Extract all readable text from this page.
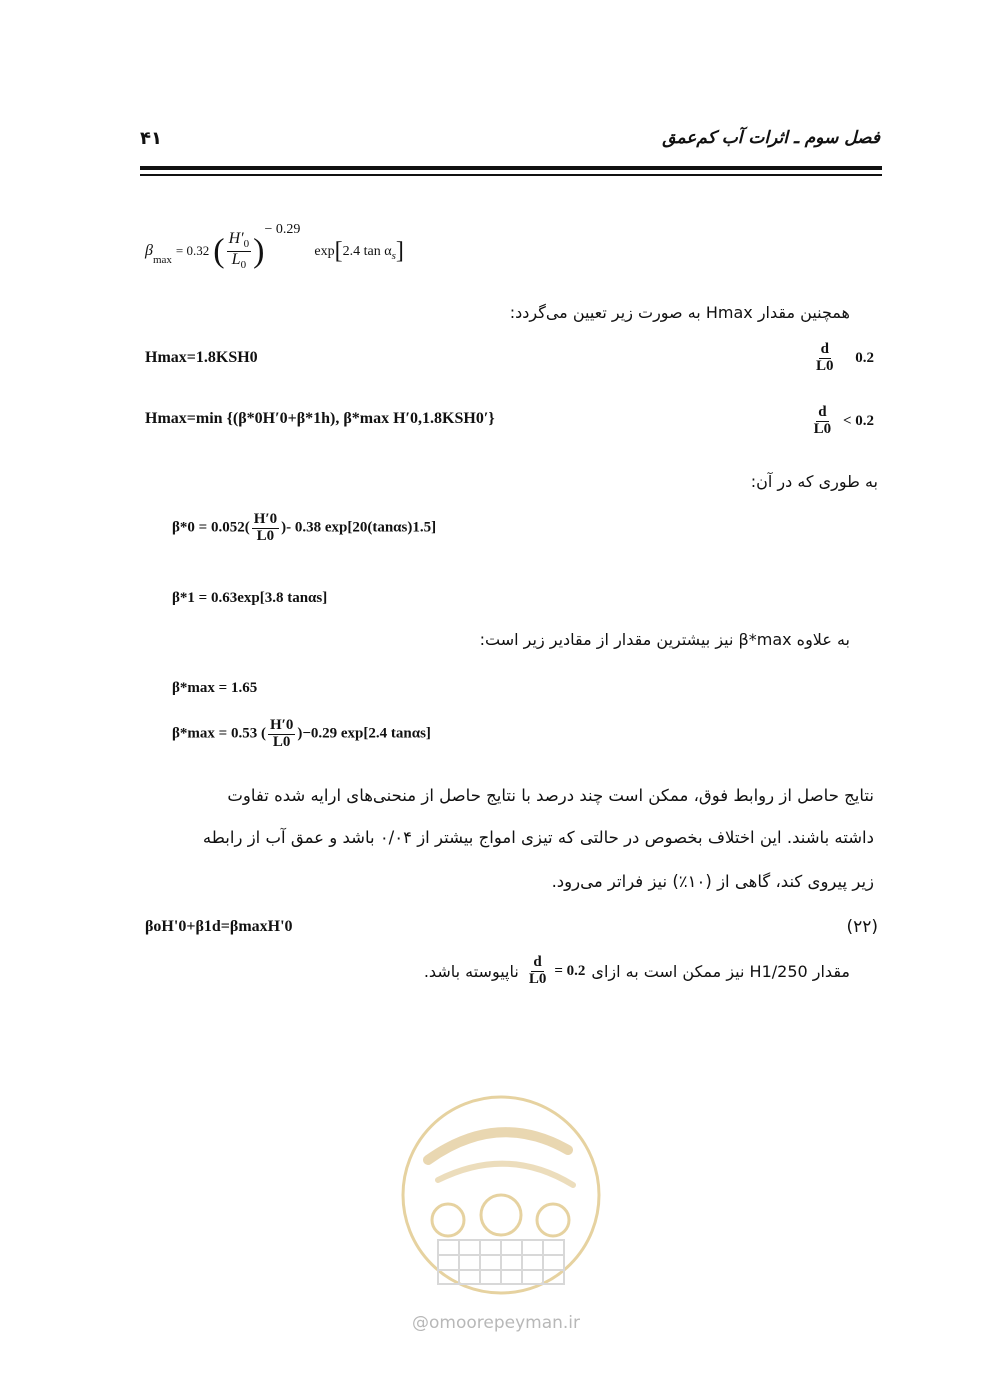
فصل سوم ـ اثرات آب کم‌عمق
۴۱
$\beta_{max} = 0.32$ ( $\frac{H'_0}{L_0} )^{- 0.29}$ exp[2.4 $\tan \alpha_s$]
همچنین مقدار Hmax به صورت زیر تعیین می‌گردد:
Hmax=1.8KSH0	$\frac{d}{L0} 0.2$
Hmax=min {(β*0H′0+β*1h), β*max H′0,1.8KSH0′}	$\frac{d}{L0} < 0.2$
به طوری که در آن:
$\beta*0 = 0.052( \frac{H'0}{L0}$ )- 0.38 exp[20(tanαs)1.5]
β*1 = 0.63exp[3.8 tanαs]
به علاوه β*max نیز بیشترین مقدار از مقادیر زیر است:
β*max = 1.65
β*max = 0.53 ( $\frac{H'0}{L0} )-0.29$ exp[2.4 tanαs]
نتایج حاصل از روابط فوق، ممکن است چند درصد با نتایج حاصل از منحنی‌های ارایه شده تفاوت
داشته باشند. این اختلاف بخصوص در حالتی که تیزی امواج بیشتر از ۰/۰۴ باشد و عمق آب از رابطه
زیر پیروی کند، گاهی از (۱۰٪) نیز فراتر می‌رود.
βoH'0+β1d=βmaxH'0	(۲۲)
مقدار H1/250 نیز ممکن است به ازای
$\frac{d}{L0} = 0.2$
ناپیوسته باشد.
@omoorepeyman.ir
